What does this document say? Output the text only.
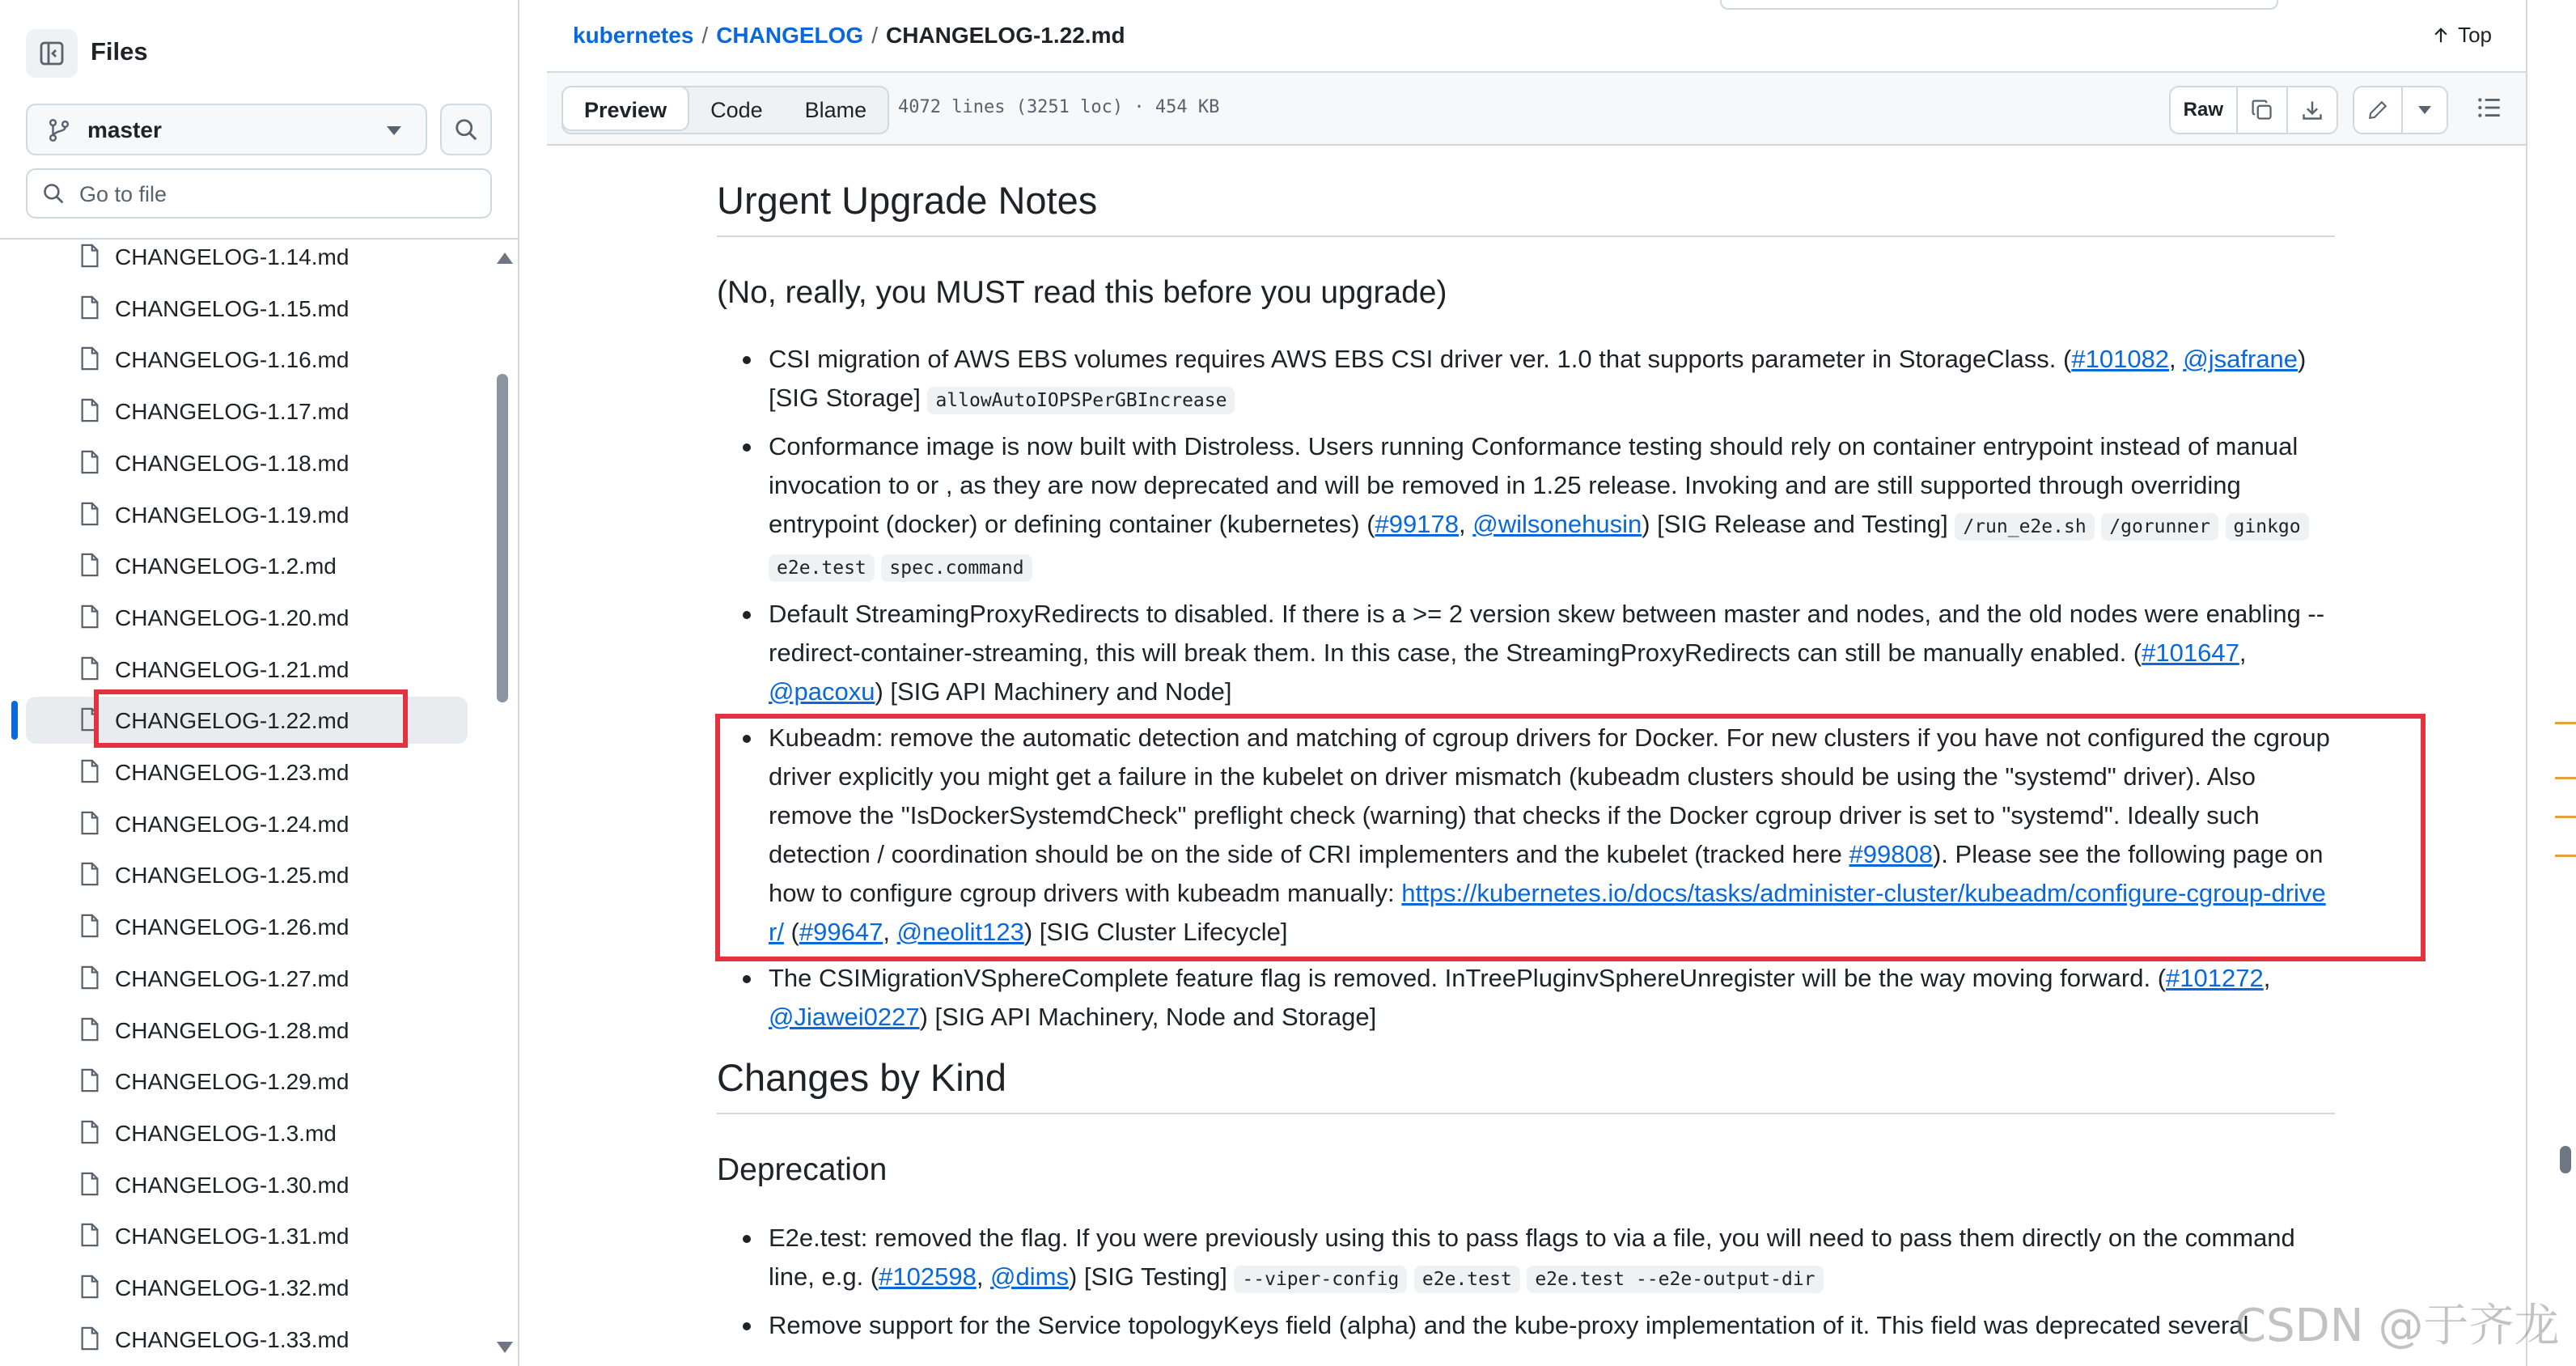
Files
master
Go to file
CHANGELOG-1.14.md
CHANGELOG-1.15.md
CHANGELOG-1.16.md
CHANGELOG-1.17.md
CHANGELOG-1.18.md
CHANGELOG-1.19.md
CHANGELOG-1.2.md
CHANGELOG-1.20.md
CHANGELOG-1.21.md
CHANGELOG-1.22.md
CHANGELOG-1.23.md
CHANGELOG-1.24.md
CHANGELOG-1.25.md
CHANGELOG-1.26.md
CHANGELOG-1.27.md
CHANGELOG-1.28.md
CHANGELOG-1.29.md
CHANGELOG-1.3.md
CHANGELOG-1.30.md
CHANGELOG-1.31.md
CHANGELOG-1.32.md
CHANGELOG-1.33.md
kubernetes / CHANGELOG / CHANGELOG-1.22.md	Top
Preview	Code	Blame	4072 lines (3251 loc) · 454 KB	Raw
Urgent Upgrade Notes
(No, really, you MUST read this before you upgrade)
CSI migration of AWS EBS volumes requires AWS EBS CSI driver ver. 1.0 that supports parameter in StorageClass. (#101082, @jsafrane) [SIG Storage] allowAutoIOPSPerGBIncrease
Conformance image is now built with Distroless. Users running Conformance testing should rely on container entrypoint instead of manual invocation to or , as they are now deprecated and will be removed in 1.25 release. Invoking and are still supported through overriding entrypoint (docker) or defining container (kubernetes) (#99178, @wilsonehusin) [SIG Release and Testing] /run_e2e.sh /gorunner ginkgo e2e.test spec.command
Default StreamingProxyRedirects to disabled. If there is a >= 2 version skew between master and nodes, and the old nodes were enabling --redirect-container-streaming, this will break them. In this case, the StreamingProxyRedirects can still be manually enabled. (#101647, @pacoxu) [SIG API Machinery and Node]
Kubeadm: remove the automatic detection and matching of cgroup drivers for Docker. For new clusters if you have not configured the cgroup driver explicitly you might get a failure in the kubelet on driver mismatch (kubeadm clusters should be using the "systemd" driver). Also remove the "IsDockerSystemdCheck" preflight check (warning) that checks if the Docker cgroup driver is set to "systemd". Ideally such detection / coordination should be on the side of CRI implementers and the kubelet (tracked here #99808). Please see the following page on how to configure cgroup drivers with kubeadm manually: https://kubernetes.io/docs/tasks/administer-cluster/kubeadm/configure-cgroup-driver/ (#99647, @neolit123) [SIG Cluster Lifecycle]
The CSIMigrationVSphereComplete feature flag is removed. InTreePluginvSphereUnregister will be the way moving forward. (#101272, @Jiawei0227) [SIG API Machinery, Node and Storage]
Changes by Kind
Deprecation
E2e.test: removed the flag. If you were previously using this to pass flags to via a file, you will need to pass them directly on the command line, e.g. (#102598, @dims) [SIG Testing] --viper-config e2e.test e2e.test --e2e-output-dir
Remove support for the Service topologyKeys field (alpha) and the kube-proxy implementation of it. This field was deprecated several
CSDN @于齐龙
